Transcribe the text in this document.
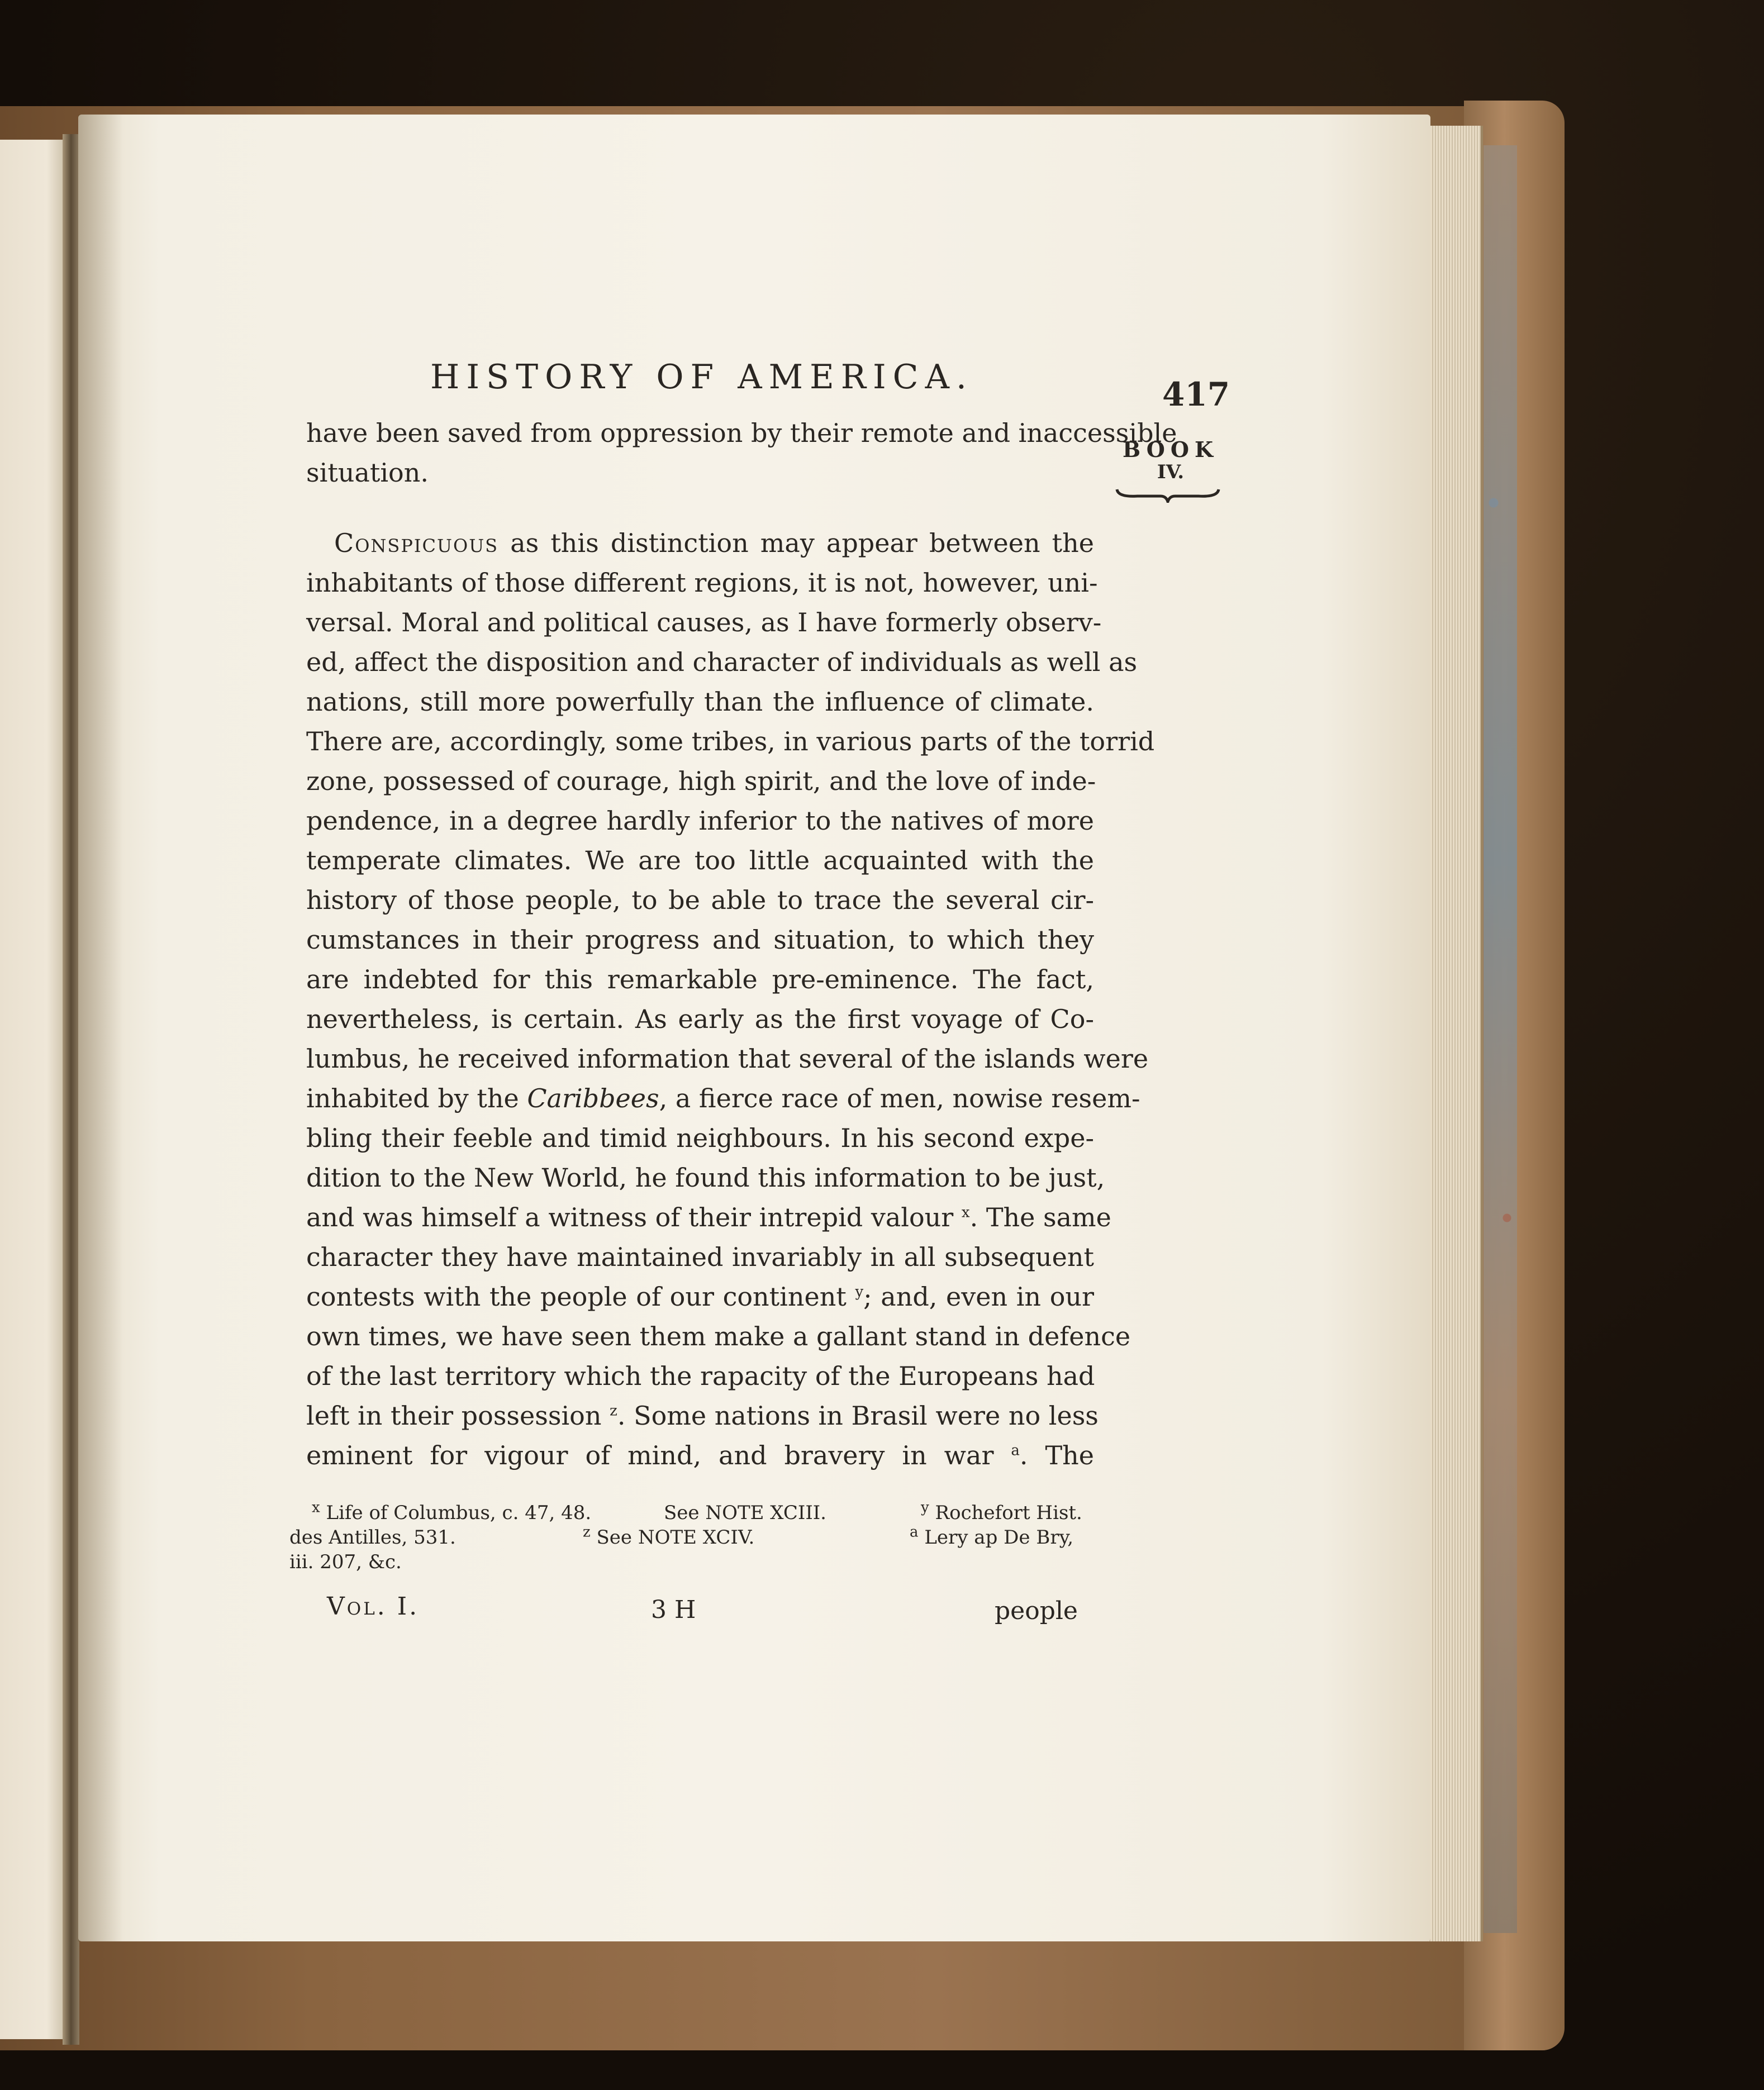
HISTORY OF AMERICA.	417
BOOK
IV.
have been saved from oppression by their remote and inaccessible
situation.
Conspicuous as this distinction may appear between the
inhabitants of those different regions, it is not, however, uni-
versal. Moral and political causes, as I have formerly observ-
ed, affect the disposition and character of individuals as well as
nations, still more powerfully than the influence of climate.
There are, accordingly, some tribes, in various parts of the torrid
zone, possessed of courage, high spirit, and the love of inde-
pendence, in a degree hardly inferior to the natives of more
temperate climates. We are too little acquainted with the
history of those people, to be able to trace the several cir-
cumstances in their progress and situation, to which they
are indebted for this remarkable pre-eminence. The fact,
nevertheless, is certain. As early as the first voyage of Co-
lumbus, he received information that several of the islands were
inhabited by the Caribbees, a fierce race of men, nowise resem-
bling their feeble and timid neighbours. In his second expe-
dition to the New World, he found this information to be just,
and was himself a witness of their intrepid valour $^x$. The same
character they have maintained invariably in all subsequent
contests with the people of our continent $^y$; and, even in our
own times, we have seen them make a gallant stand in defence
of the last territory which the rapacity of the Europeans had
left in their possession $^z$. Some nations in Brasil were no less
eminent for vigour of mind, and bravery in war $^a$. The
$^x$ Life of Columbus, c. 47, 48.	See NOTE XCIII.	$^y$ Rochefort Hist.
des Antilles, 531.	$^z$ See NOTE XCIV.	$^a$ Lery ap De Bry,
iii. 207, &c.
Vol. I.	3 H	people
